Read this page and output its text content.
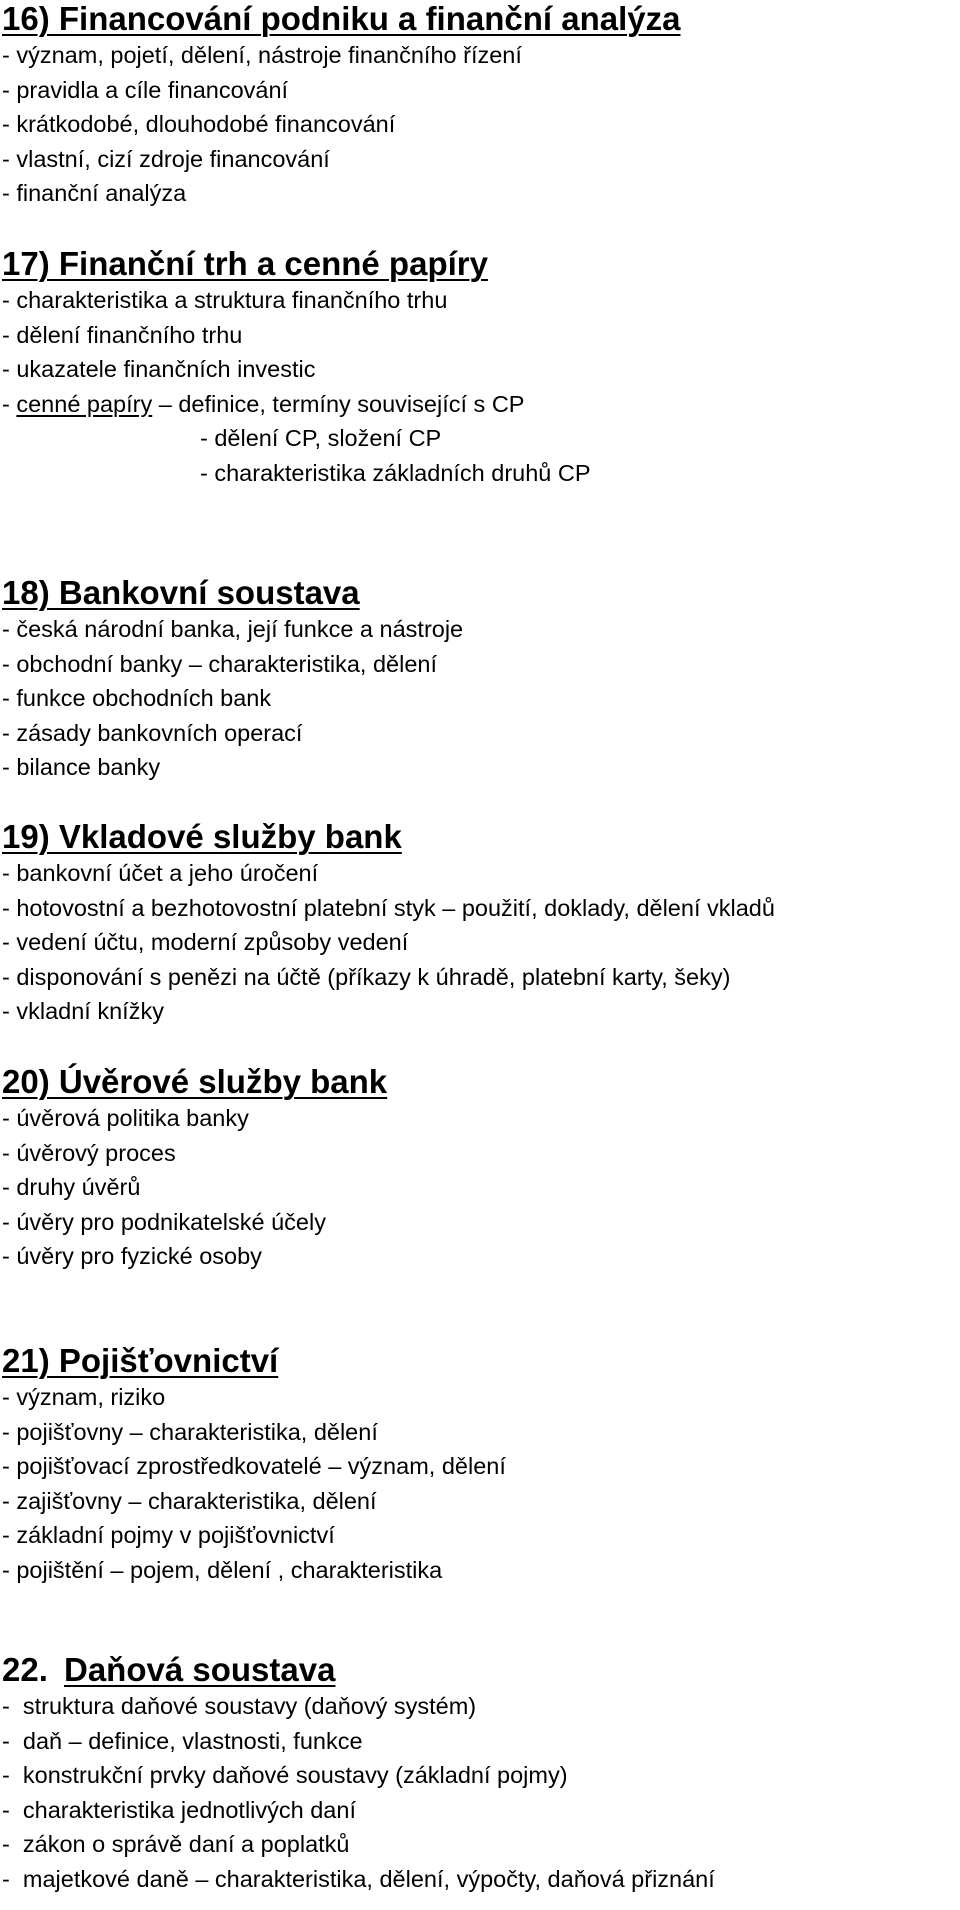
16) Financování podniku a finanční analýza
- význam, pojetí, dělení, nástroje finančního řízení
- pravidla a cíle financování
- krátkodobé, dlouhodobé financování
- vlastní, cizí zdroje financování
- finanční analýza
17) Finanční trh a cenné papíry
- charakteristika a struktura finančního trhu
- dělení finančního trhu
- ukazatele finančních investic
- cenné papíry – definice, termíny související s CP
- dělení CP, složení CP
- charakteristika základních druhů CP
18) Bankovní soustava
- česká národní banka, její funkce a nástroje
- obchodní banky – charakteristika, dělení
- funkce obchodních bank
- zásady bankovních operací
- bilance banky
19) Vkladové služby bank
- bankovní účet a jeho úročení
- hotovostní a bezhotovostní platební styk – použití, doklady, dělení vkladů
- vedení účtu, moderní způsoby vedení
- disponování s penězi na účtě (příkazy k úhradě, platební karty, šeky)
- vkladní knížky
20) Úvěrové služby bank
- úvěrová politika banky
- úvěrový proces
- druhy úvěrů
- úvěry pro podnikatelské účely
- úvěry pro fyzické osoby
21) Pojišťovnictví
- význam, riziko
- pojišťovny – charakteristika, dělení
- pojišťovací zprostředkovatelé – význam, dělení
- zajišťovny – charakteristika, dělení
- základní pojmy v pojišťovnictví
- pojištění – pojem, dělení , charakteristika
22. Daňová soustava
-  struktura daňové soustavy (daňový systém)
-  daň – definice, vlastnosti, funkce
-  konstrukční prvky daňové soustavy (základní pojmy)
-  charakteristika jednotlivých daní
-  zákon o správě daní a poplatků
-  majetkové daně – charakteristika, dělení, výpočty, daňová přiznání
